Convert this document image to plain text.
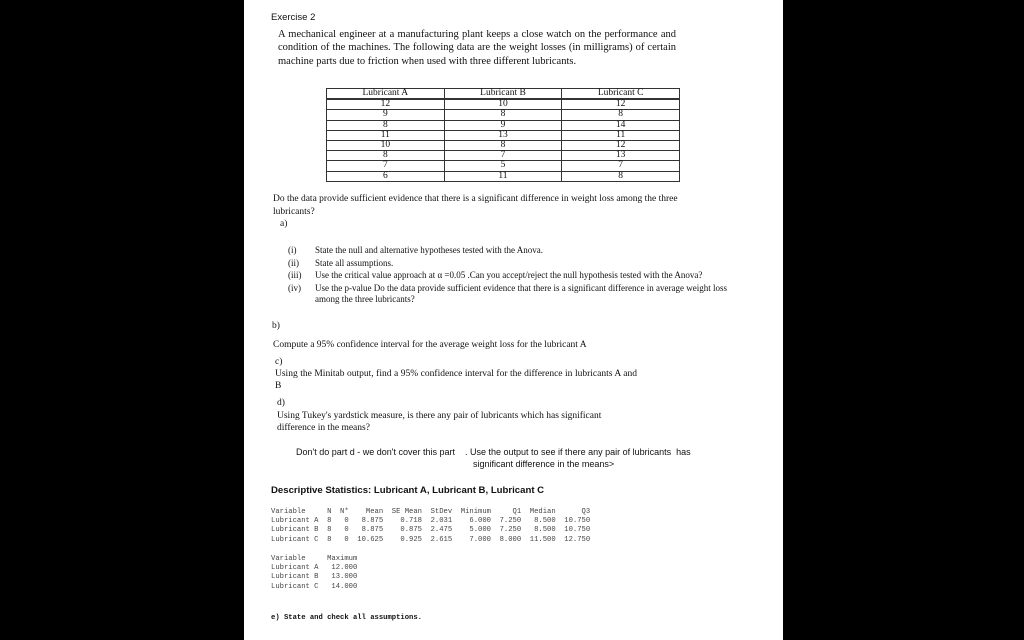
Exercise 2
A mechanical engineer at a manufacturing plant keeps a close watch on the performance and condition of the machines. The following data are the weight losses (in milligrams) of certain machine parts due to friction when used with three different lubricants.
Lubricant A	Lubricant B	Lubricant C
12	10	12
9	8	8
8	9	14
11	13	11
10	8	12
8	7	13
7	5	7
6	11	8
Do the data provide sufficient evidence that there is a significant difference in weight loss among the three lubricants?
a)
(i) State the null and alternative hypotheses tested with the Anova.
(ii) State all assumptions.
(iii) Use the critical value approach at α =0.05 .Can you accept/reject the null hypothesis tested with the Anova?
(iv) Use the p-value Do the data provide sufficient evidence that there is a significant difference in average weight loss among the three lubricants?
b)
Compute a 95% confidence interval for the average weight loss for the lubricant A
c)
Using the Minitab output, find a 95% confidence interval for the difference in lubricants A and B
d)
Using Tukey's yardstick measure, is there any pair of lubricants which has significant difference in the means?
Don't do part d - we don't cover this part . Use the output to see if there any pair of lubricants  has
significant difference in the means>
Descriptive Statistics: Lubricant A, Lubricant B, Lubricant C
Variable     N  N*    Mean  SE Mean  StDev  Minimum     Q1  Median      Q3
Lubricant A  8   0   8.875    0.718  2.031    6.000  7.250   8.500  10.750
Lubricant B  8   0   8.875    0.875  2.475    5.000  7.250   8.500  10.750
Lubricant C  8   0  10.625    0.925  2.615    7.000  8.000  11.500  12.750
Variable     Maximum
Lubricant A   12.000
Lubricant B   13.000
Lubricant C   14.000
e) State and check all assumptions.
